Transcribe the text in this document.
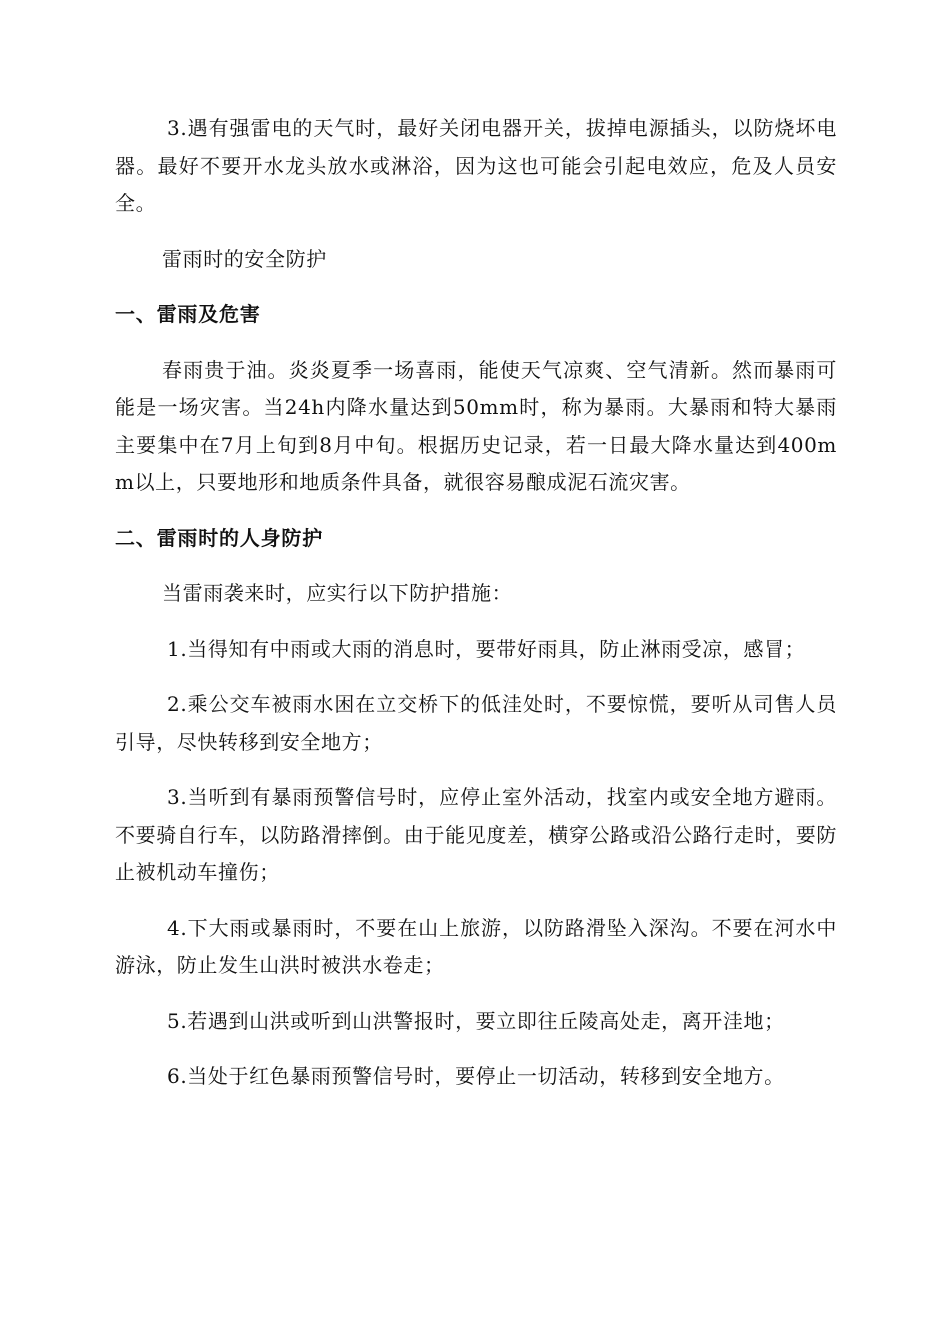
3.遇有强雷电的天气时，最好关闭电器开关，拔掉电源插头，以防烧坏电器。最好不要开水龙头放水或淋浴，因为这也可能会引起电效应，危及人员安全。

雷雨时的安全防护

一、雷雨及危害

春雨贵于油。炎炎夏季一场喜雨，能使天气凉爽、空气清新。然而暴雨可能是一场灾害。当24h内降水量达到50mm时，称为暴雨。大暴雨和特大暴雨主要集中在7月上旬到8月中旬。根据历史记录，若一日最大降水量达到400mm以上，只要地形和地质条件具备，就很容易酿成泥石流灾害。

二、雷雨时的人身防护

当雷雨袭来时，应实行以下防护措施：

1.当得知有中雨或大雨的消息时，要带好雨具，防止淋雨受凉，感冒；

2.乘公交车被雨水困在立交桥下的低洼处时，不要惊慌，要听从司售人员引导，尽快转移到安全地方；

3.当听到有暴雨预警信号时，应停止室外活动，找室内或安全地方避雨。不要骑自行车，以防路滑摔倒。由于能见度差，横穿公路或沿公路行走时，要防止被机动车撞伤；

4.下大雨或暴雨时，不要在山上旅游，以防路滑坠入深沟。不要在河水中游泳，防止发生山洪时被洪水卷走；

5.若遇到山洪或听到山洪警报时，要立即往丘陵高处走，离开洼地；

6.当处于红色暴雨预警信号时，要停止一切活动，转移到安全地方。
